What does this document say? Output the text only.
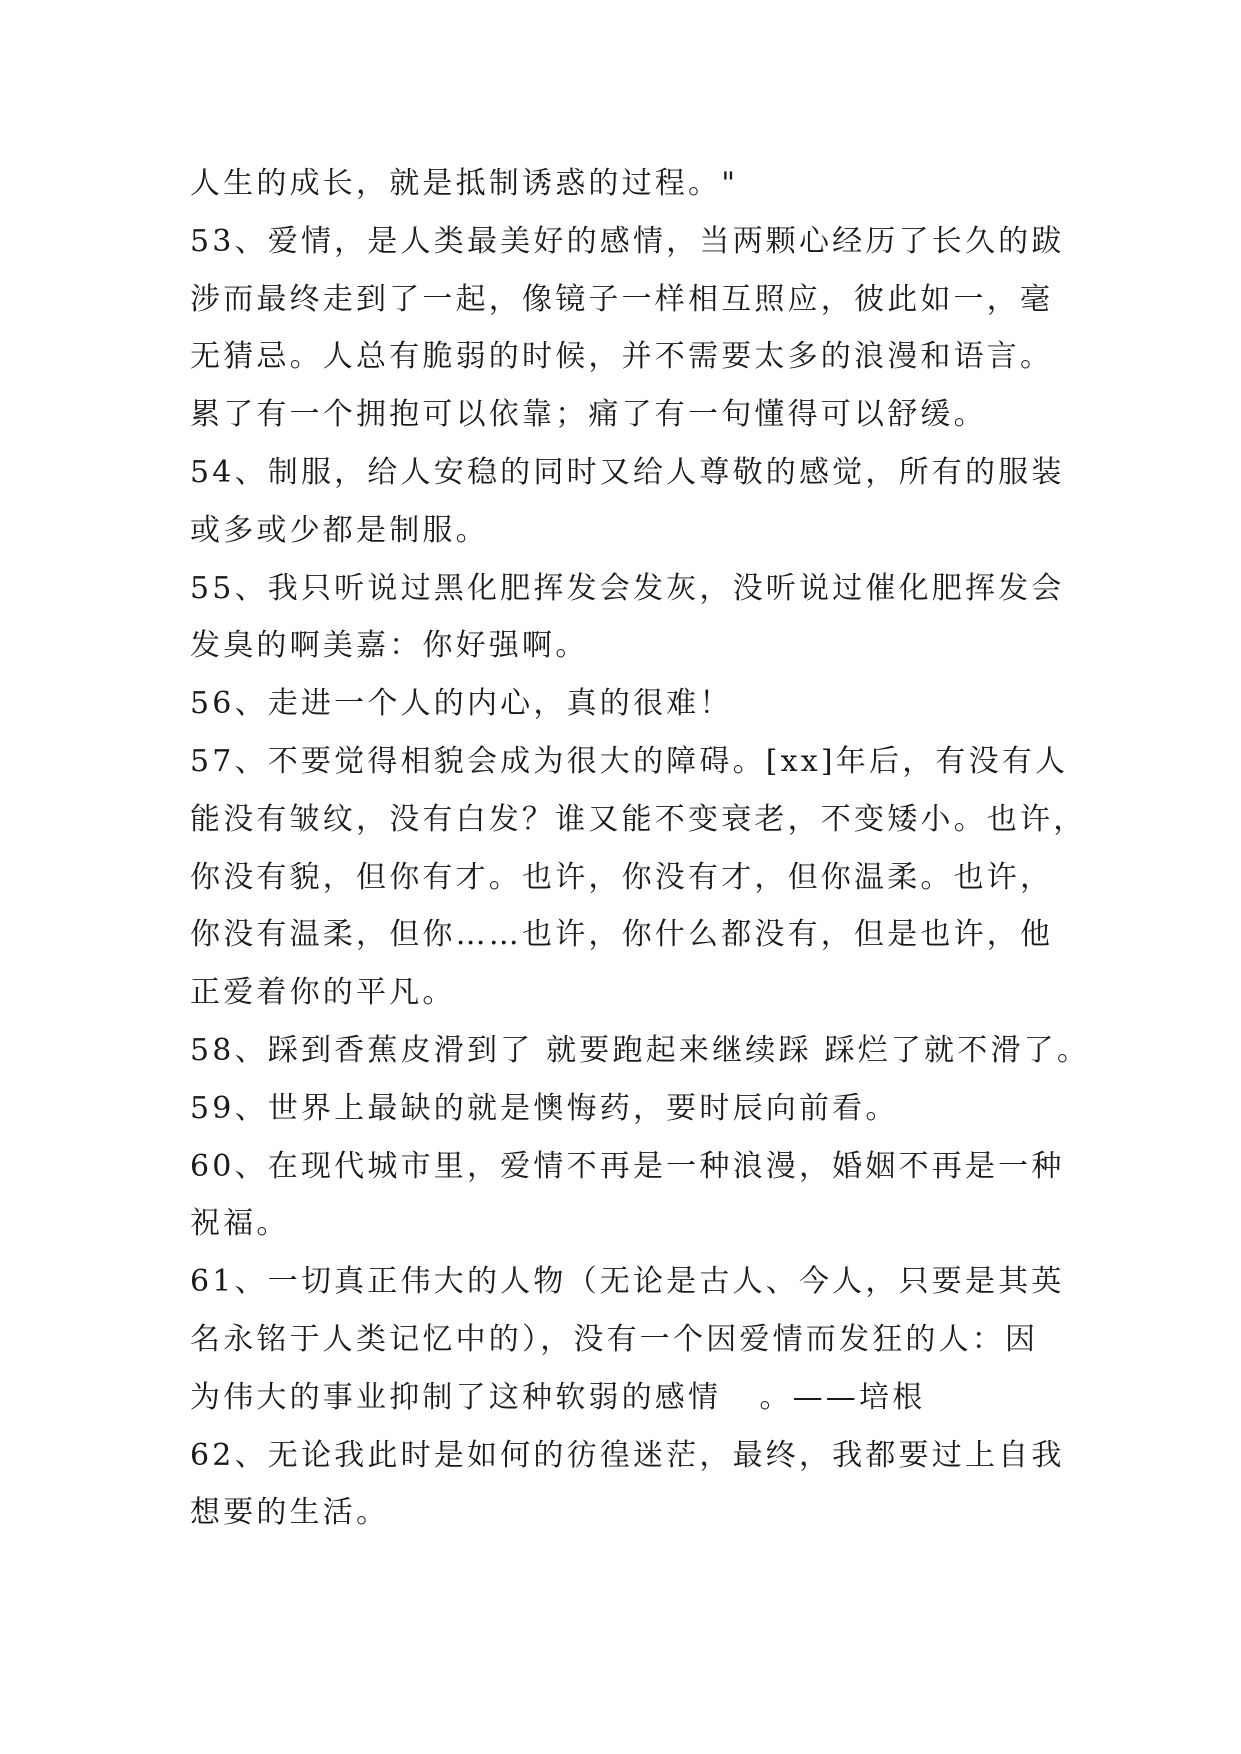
人生的成长，就是抵制诱惑的过程。"
53、爱情，是人类最美好的感情，当两颗心经历了长久的跋
涉而最终走到了一起，像镜子一样相互照应，彼此如一，毫
无猜忌。人总有脆弱的时候，并不需要太多的浪漫和语言。
累了有一个拥抱可以依靠；痛了有一句懂得可以舒缓。
54、制服，给人安稳的同时又给人尊敬的感觉，所有的服装
或多或少都是制服。
55、我只听说过黑化肥挥发会发灰，没听说过催化肥挥发会
发臭的啊美嘉：你好强啊。
56、走进一个人的内心，真的很难！
57、不要觉得相貌会成为很大的障碍。[xx]年后，有没有人
能没有皱纹，没有白发？谁又能不变衰老，不变矮小。也许，
你没有貌，但你有才。也许，你没有才，但你温柔。也许，
你没有温柔，但你……也许，你什么都没有，但是也许，他
正爱着你的平凡。
58、踩到香蕉皮滑到了 就要跑起来继续踩 踩烂了就不滑了。
59、世界上最缺的就是懊悔药，要时辰向前看。
60、在现代城市里，爱情不再是一种浪漫，婚姻不再是一种
祝福。
61、一切真正伟大的人物（无论是古人、今人，只要是其英
名永铭于人类记忆中的），没有一个因爱情而发狂的人：因
为伟大的事业抑制了这种软弱的感情   。——培根
62、无论我此时是如何的彷徨迷茫，最终，我都要过上自我
想要的生活。
